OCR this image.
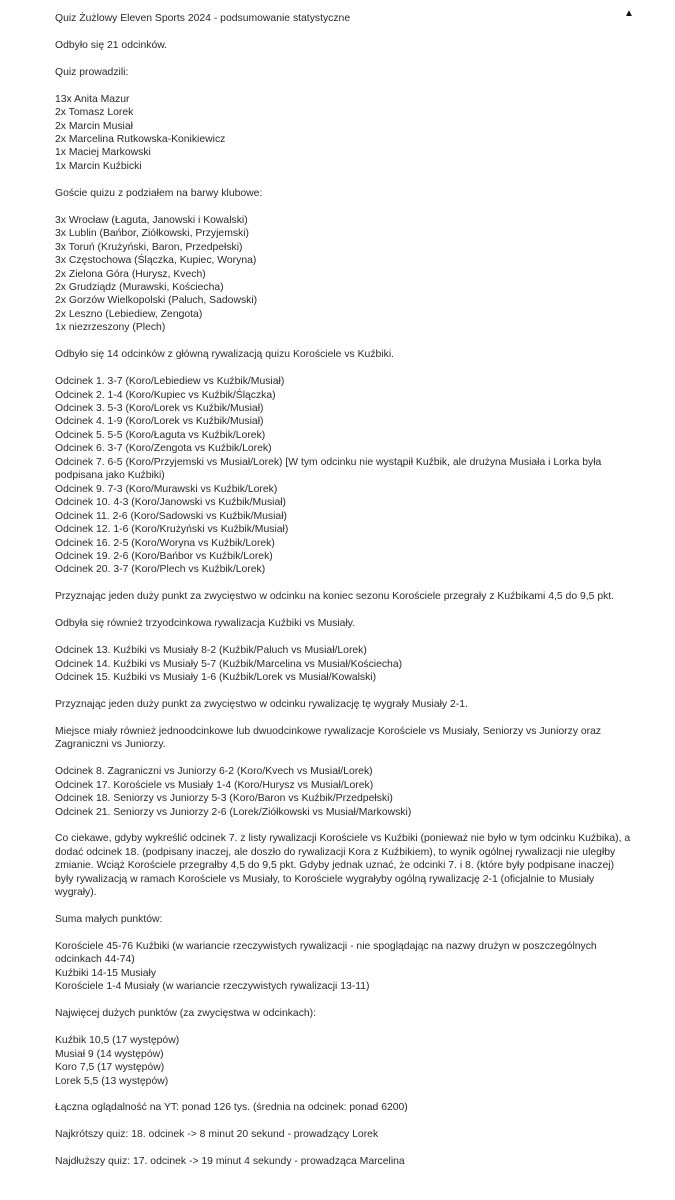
▲
Quiz Żużlowy Eleven Sports 2024 - podsumowanie statystyczne
Odbyło się 21 odcinków.
Quiz prowadzili:
13x Anita Mazur
2x Tomasz Lorek
2x Marcin Musiał
2x Marcelina Rutkowska-Konikiewicz
1x Maciej Markowski
1x Marcin Kuźbicki
Goście quizu z podziałem na barwy klubowe:
3x Wrocław (Łaguta, Janowski i Kowalski)
3x Lublin (Bańbor, Ziółkowski, Przyjemski)
3x Toruń (Krużyński, Baron, Przedpełski)
3x Częstochowa (Ślączka, Kupiec, Woryna)
2x Zielona Góra (Hurysz, Kvech)
2x Grudziądz (Murawski, Kościecha)
2x Gorzów Wielkopolski (Paluch, Sadowski)
2x Leszno (Lebiediew, Zengota)
1x niezrzeszony (Plech)
Odbyło się 14 odcinków z główną rywalizacją quizu Korościele vs Kuźbiki.
Odcinek 1. 3-7 (Koro/Lebiediew vs Kuźbik/Musiał)
Odcinek 2. 1-4 (Koro/Kupiec vs Kuźbik/Ślączka)
Odcinek 3. 5-3 (Koro/Lorek vs Kuźbik/Musiał)
Odcinek 4. 1-9 (Koro/Lorek vs Kuźbik/Musiał)
Odcinek 5. 5-5 (Koro/Łaguta vs Kuźbik/Lorek)
Odcinek 6. 3-7 (Koro/Zengota vs Kuźbik/Lorek)
Odcinek 7. 6-5 (Koro/Przyjemski vs Musiał/Lorek) [W tym odcinku nie wystąpił Kuźbik, ale drużyna Musiała i Lorka była podpisana jako Kuźbiki)
Odcinek 9. 7-3 (Koro/Murawski vs Kuźbik/Lorek)
Odcinek 10. 4-3 (Koro/Janowski vs Kuźbik/Musiał)
Odcinek 11. 2-6 (Koro/Sadowski vs Kuźbik/Musiał)
Odcinek 12. 1-6 (Koro/Krużyński vs Kuźbik/Musiał)
Odcinek 16. 2-5 (Koro/Woryna vs Kuźbik/Lorek)
Odcinek 19. 2-6 (Koro/Bańbor vs Kuźbik/Lorek)
Odcinek 20. 3-7 (Koro/Plech vs Kuźbik/Lorek)
Przyznając jeden duży punkt za zwycięstwo w odcinku na koniec sezonu Korościele przegrały z Kuźbikami 4,5 do 9,5 pkt.
Odbyła się również trzyodcinkowa rywalizacja Kuźbiki vs Musiały.
Odcinek 13. Kuźbiki vs Musiały 8-2 (Kuźbik/Paluch vs Musiał/Lorek)
Odcinek 14. Kuźbiki vs Musiały 5-7 (Kuźbik/Marcelina vs Musiał/Kościecha)
Odcinek 15. Kuźbiki vs Musiały 1-6 (Kuźbik/Lorek vs Musiał/Kowalski)
Przyznając jeden duży punkt za zwycięstwo w odcinku rywalizację tę wygrały Musiały 2-1.
Miejsce miały również jednoodcinkowe lub dwuodcinkowe rywalizacje Korościele vs Musiały, Seniorzy vs Juniorzy oraz Zagraniczni vs Juniorzy.
Odcinek 8. Zagraniczni vs Juniorzy 6-2 (Koro/Kvech vs Musiał/Lorek)
Odcinek 17. Korościele vs Musiały 1-4 (Koro/Hurysz vs Musiał/Lorek)
Odcinek 18. Seniorzy vs Juniorzy 5-3 (Koro/Baron vs Kuźbik/Przedpełski)
Odcinek 21. Seniorzy vs Juniorzy 2-6 (Lorek/Ziółkowski vs Musiał/Markowski)
Co ciekawe, gdyby wykreślić odcinek 7. z listy rywalizacji Korościele vs Kuźbiki (ponieważ nie było w tym odcinku Kuźbika), a dodać odcinek 18. (podpisany inaczej, ale doszło do rywalizacji Kora z Kuźbikiem), to wynik ogólnej rywalizacji nie uległby zmianie. Wciąż Korościele przegrałby 4,5 do 9,5 pkt. Gdyby jednak uznać, że odcinki 7. i 8. (które były podpisane inaczej) były rywalizacją w ramach Korościele vs Musiały, to Korościele wygrałyby ogólną rywalizację 2-1 (oficjalnie to Musiały wygrały).
Suma małych punktów:
Korościele 45-76 Kuźbiki (w wariancie rzeczywistych rywalizacji - nie spoglądając na nazwy drużyn w poszczególnych odcinkach 44-74)
Kuźbiki 14-15 Musiały
Korościele 1-4 Musiały (w wariancie rzeczywistych rywalizacji 13-11)
Najwięcej dużych punktów (za zwycięstwa w odcinkach):
Kuźbik 10,5 (17 występów)
Musiał 9 (14 występów)
Koro 7,5 (17 występów)
Lorek 5,5 (13 występów)
Łączna oglądalność na YT: ponad 126 tys. (średnia na odcinek: ponad 6200)
Najkrótszy quiz: 18. odcinek -> 8 minut 20 sekund - prowadzący Lorek
Najdłuższy quiz: 17. odcinek -> 19 minut 4 sekundy - prowadząca Marcelina
